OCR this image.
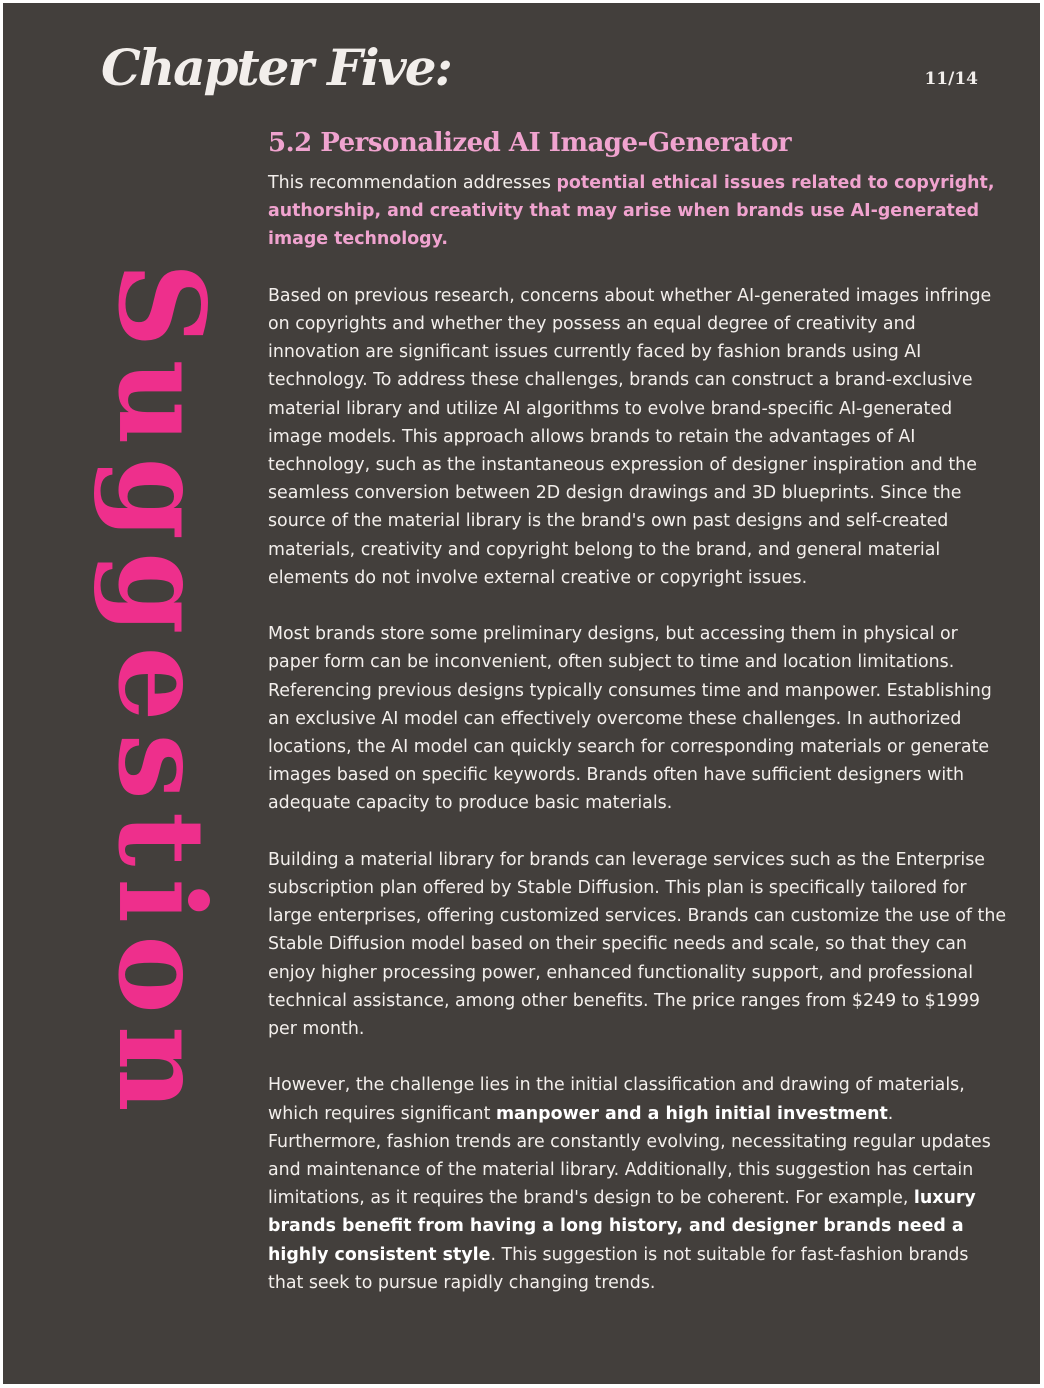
Chapter Five:	11/14
Suggestion
5.2 Personalized AI Image-Generator

This recommendation addresses potential ethical issues related to copyright, authorship, and creativity that may arise when brands use AI-generated image technology.

Based on previous research, concerns about whether AI-generated images infringe on copyrights and whether they possess an equal degree of creativity and innovation are significant issues currently faced by fashion brands using AI technology. To address these challenges, brands can construct a brand-exclusive material library and utilize AI algorithms to evolve brand-specific AI-generated image models. This approach allows brands to retain the advantages of AI technology, such as the instantaneous expression of designer inspiration and the seamless conversion between 2D design drawings and 3D blueprints. Since the source of the material library is the brand's own past designs and self-created materials, creativity and copyright belong to the brand, and general material elements do not involve external creative or copyright issues.

Most brands store some preliminary designs, but accessing them in physical or paper form can be inconvenient, often subject to time and location limitations. Referencing previous designs typically consumes time and manpower. Establishing an exclusive AI model can effectively overcome these challenges. In authorized locations, the AI model can quickly search for corresponding materials or generate images based on specific keywords. Brands often have sufficient designers with adequate capacity to produce basic materials.

Building a material library for brands can leverage services such as the Enterprise subscription plan offered by Stable Diffusion. This plan is specifically tailored for large enterprises, offering customized services. Brands can customize the use of the Stable Diffusion model based on their specific needs and scale, so that they can enjoy higher processing power, enhanced functionality support, and professional technical assistance, among other benefits. The price ranges from $249 to $1999 per month.

However, the challenge lies in the initial classification and drawing of materials, which requires significant manpower and a high initial investment. Furthermore, fashion trends are constantly evolving, necessitating regular updates and maintenance of the material library. Additionally, this suggestion has certain limitations, as it requires the brand's design to be coherent. For example, luxury brands benefit from having a long history, and designer brands need a highly consistent style. This suggestion is not suitable for fast-fashion brands that seek to pursue rapidly changing trends.
